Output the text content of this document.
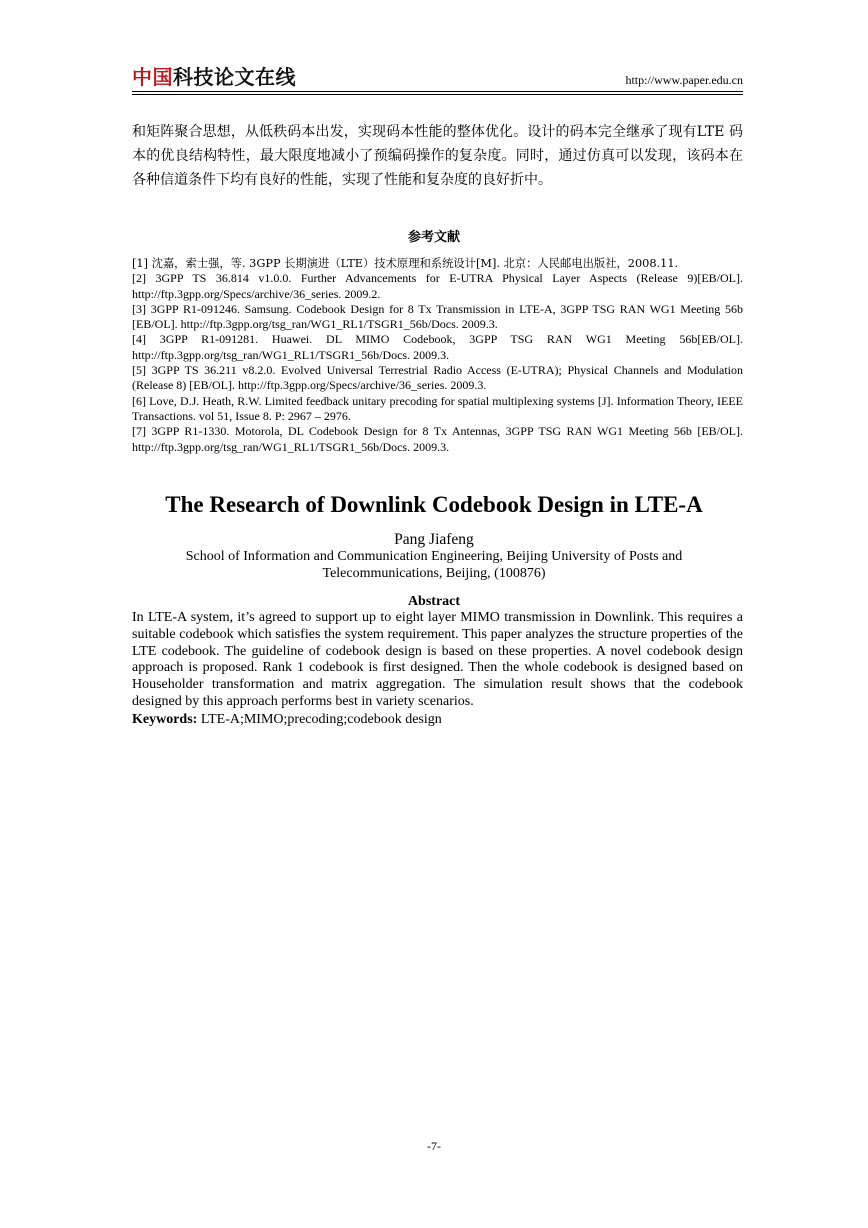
中国科技论文在线	http://www.paper.edu.cn
和矩阵聚合思想，从低秩码本出发，实现码本性能的整体优化。设计的码本完全继承了现有LTE 码本的优良结构特性，最大限度地减小了预编码操作的复杂度。同时，通过仿真可以发现，该码本在各种信道条件下均有良好的性能，实现了性能和复杂度的良好折中。
参考文献
[1] 沈嘉，索士强，等. 3GPP 长期演进（LTE）技术原理和系统设计[M]. 北京：人民邮电出版社，2008.11.
[2] 3GPP TS 36.814 v1.0.0. Further Advancements for E-UTRA Physical Layer Aspects (Release 9)[EB/OL]. http://ftp.3gpp.org/Specs/archive/36_series. 2009.2.
[3] 3GPP R1-091246. Samsung. Codebook Design for 8 Tx Transmission in LTE-A, 3GPP TSG RAN WG1 Meeting 56b [EB/OL]. http://ftp.3gpp.org/tsg_ran/WG1_RL1/TSGR1_56b/Docs. 2009.3.
[4] 3GPP R1-091281. Huawei. DL MIMO Codebook, 3GPP TSG RAN WG1 Meeting 56b[EB/OL]. http://ftp.3gpp.org/tsg_ran/WG1_RL1/TSGR1_56b/Docs. 2009.3.
[5] 3GPP TS 36.211 v8.2.0. Evolved Universal Terrestrial Radio Access (E-UTRA); Physical Channels and Modulation (Release 8) [EB/OL]. http://ftp.3gpp.org/Specs/archive/36_series. 2009.3.
[6] Love, D.J. Heath, R.W. Limited feedback unitary precoding for spatial multiplexing systems [J]. Information Theory, IEEE Transactions. vol 51, Issue 8. P: 2967 – 2976.
[7] 3GPP R1-1330. Motorola, DL Codebook Design for 8 Tx Antennas, 3GPP TSG RAN WG1 Meeting 56b [EB/OL]. http://ftp.3gpp.org/tsg_ran/WG1_RL1/TSGR1_56b/Docs. 2009.3.
The Research of Downlink Codebook Design in LTE-A
Pang Jiafeng
School of Information and Communication Engineering, Beijing University of Posts and
Telecommunications, Beijing, (100876)
Abstract
In LTE-A system, it’s agreed to support up to eight layer MIMO transmission in Downlink. This requires a suitable codebook which satisfies the system requirement. This paper analyzes the structure properties of the LTE codebook. The guideline of codebook design is based on these properties. A novel codebook design approach is proposed. Rank 1 codebook is first designed. Then the whole codebook is designed based on Householder transformation and matrix aggregation. The simulation result shows that the codebook designed by this approach performs best in variety scenarios.
Keywords: LTE-A;MIMO;precoding;codebook design
-7-
